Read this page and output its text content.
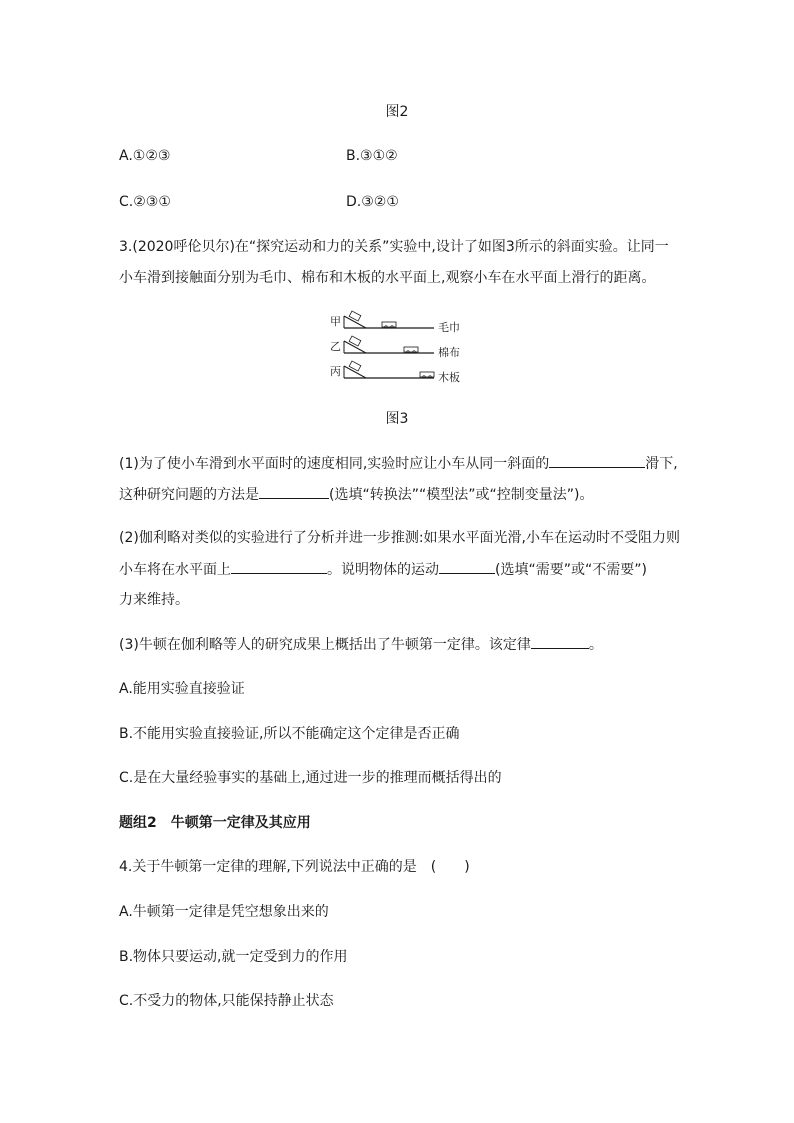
图2
A.①②③	B.③①②
C.②③①	D.③②①
3.(2020呼伦贝尔)在“探究运动和力的关系”实验中,设计了如图3所示的斜面实验。让同一
小车滑到接触面分别为毛巾、棉布和木板的水平面上,观察小车在水平面上滑行的距离。
甲	毛巾
乙	棉布
丙	木板
图3
(1)为了使小车滑到水平面时的速度相同,实验时应让小车从同一斜面的	滑下,
这种研究问题的方法是	(选填“转换法”“模型法”或“控制变量法”)。
(2)伽利略对类似的实验进行了分析并进一步推测:如果水平面光滑,小车在运动时不受阻力则
小车将在水平面上	。说明物体的运动	(选填“需要”或“不需要”)
力来维持。
(3)牛顿在伽利略等人的研究成果上概括出了牛顿第一定律。该定律	。
A.能用实验直接验证
B.不能用实验直接验证,所以不能确定这个定律是否正确
C.是在大量经验事实的基础上,通过进一步的推理而概括得出的
题组2　牛顿第一定律及其应用
4.关于牛顿第一定律的理解,下列说法中正确的是　(　　)
A.牛顿第一定律是凭空想象出来的
B.物体只要运动,就一定受到力的作用
C.不受力的物体,只能保持静止状态
